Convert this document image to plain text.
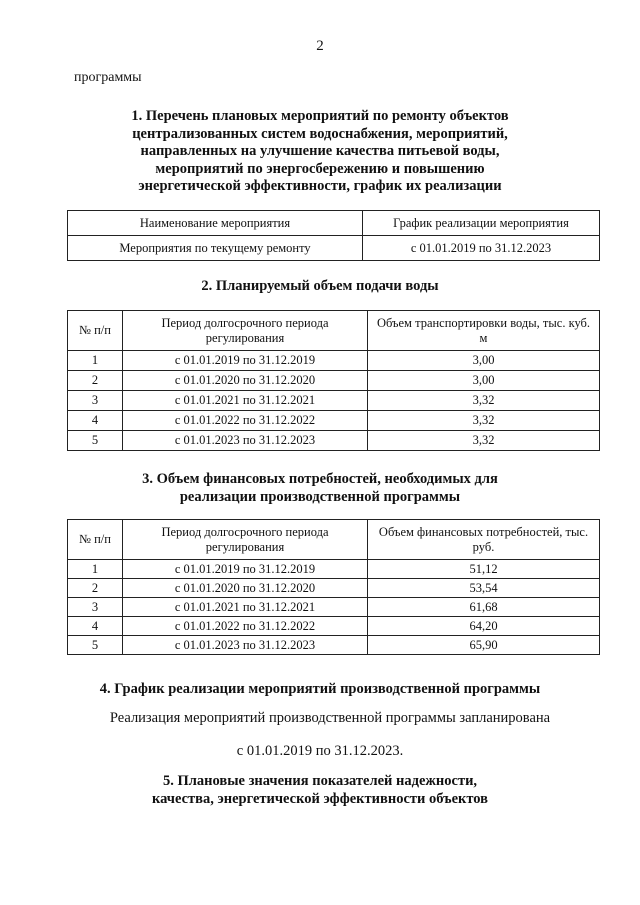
2
программы
1. Перечень плановых мероприятий по ремонту объектов
централизованных систем водоснабжения, мероприятий,
направленных на улучшение качества питьевой воды,
мероприятий по энергосбережению и повышению
энергетической эффективности, график их реализации
Наименование мероприятия	График реализации мероприятия
Мероприятия по текущему ремонту	с 01.01.2019 по 31.12.2023
2. Планируемый объем подачи воды
№ п/п	Период долгосрочного периода регулирования	Объем транспортировки воды, тыс. куб. м
1	с 01.01.2019 по 31.12.2019	3,00
2	с 01.01.2020 по 31.12.2020	3,00
3	с 01.01.2021 по 31.12.2021	3,32
4	с 01.01.2022 по 31.12.2022	3,32
5	с 01.01.2023 по 31.12.2023	3,32
3. Объем финансовых потребностей, необходимых для
реализации производственной программы
№ п/п	Период долгосрочного периода регулирования	Объем финансовых потребностей, тыс. руб.
1	с 01.01.2019 по 31.12.2019	51,12
2	с 01.01.2020 по 31.12.2020	53,54
3	с 01.01.2021 по 31.12.2021	61,68
4	с 01.01.2022 по 31.12.2022	64,20
5	с 01.01.2023 по 31.12.2023	65,90
4. График реализации мероприятий производственной программы
Реализация мероприятий производственной программы запланирована
с 01.01.2019 по 31.12.2023.
5. Плановые значения показателей надежности,
качества, энергетической эффективности объектов
